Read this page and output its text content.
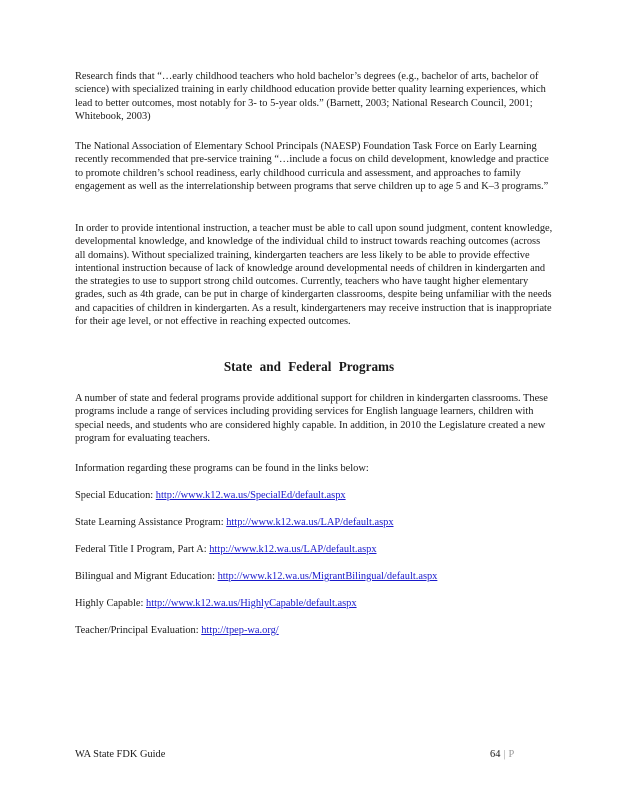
Research finds that “…early childhood teachers who hold bachelor’s degrees (e.g., bachelor of arts, bachelor of science) with specialized training in early childhood education provide better quality learning experiences, which lead to better outcomes, most notably for 3‑ to 5‑year olds.” (Barnett, 2003; National Research Council, 2001; Whitebook, 2003)

The National Association of Elementary School Principals (NAESP) Foundation Task Force on Early Learning recently recommended that pre‑service training “…include a focus on child development, knowledge and practice to promote children’s school readiness, early childhood curricula and assessment, and approaches to family engagement as well as the interrelationship between programs that serve children up to age 5 and K–3 programs.”

In order to provide intentional instruction, a teacher must be able to call upon sound judgment, content knowledge, developmental knowledge, and knowledge of the individual child to instruct towards reaching outcomes (across all domains). Without specialized training, kindergarten teachers are less likely to be able to provide effective intentional instruction because of lack of knowledge around developmental needs of children in kindergarten and the strategies to use to support strong child outcomes. Currently, teachers who have taught higher elementary grades, such as 4th grade, can be put in charge of kindergarten classrooms, despite being unfamiliar with the needs and capacities of children in kindergarten. As a result, kindergarteners may receive instruction that is inappropriate for their age level, or not effective in reaching expected outcomes.

State and Federal Programs

A number of state and federal programs provide additional support for children in kindergarten classrooms. These programs include a range of services including providing services for English language learners, children with special needs, and students who are considered highly capable. In addition, in 2010 the Legislature created a new program for evaluating teachers.

Information regarding these programs can be found in the links below:

Special Education: http://www.k12.wa.us/SpecialEd/default.aspx
State Learning Assistance Program: http://www.k12.wa.us/LAP/default.aspx
Federal Title I Program, Part A: http://www.k12.wa.us/LAP/default.aspx
Bilingual and Migrant Education: http://www.k12.wa.us/MigrantBilingual/default.aspx
Highly Capable: http://www.k12.wa.us/HighlyCapable/default.aspx
Teacher/Principal Evaluation: http://tpep‑wa.org/
WA State FDK Guide	64 | P
